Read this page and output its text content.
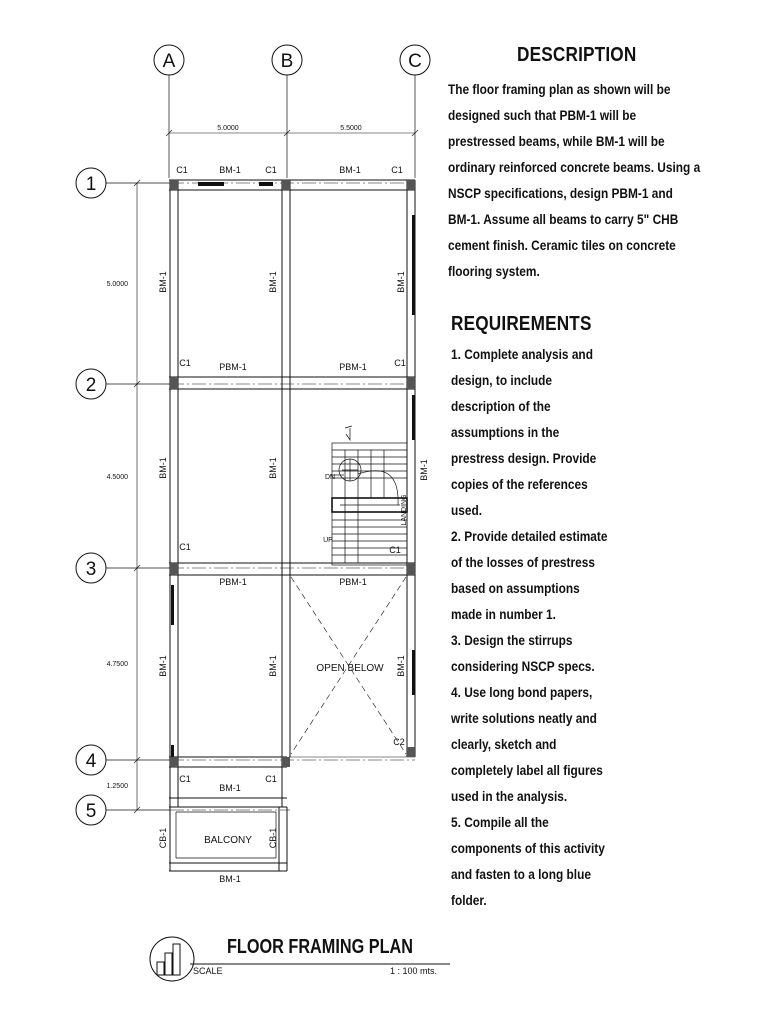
A	B	C
1
2
3
4
5
5.0000	5.5000
5.0000
4.5000
4.7500
1.2500
C1	BM-1	C1	BM-1	C1
C1	PBM-1	PBM-1	C1
C1	C1
PBM-1	PBM-1
C2
C1	C1
BM-1
BM-1
OPEN BELOW
BALCONY
UP
DN
BM-1	BM-1	BM-1
BM-1	BM-1	BM-1
BM-1	BM-1	BM-1
CB-1	CB-1
LANDING
FLOOR FRAMING PLAN
SCALE	1 : 100 mts.
DESCRIPTION
The floor framing plan as shown will be
designed such that PBM-1 will be
prestressed beams, while BM-1 will be
ordinary reinforced concrete beams. Using a
NSCP specifications, design PBM-1 and
BM-1. Assume all beams to carry 5" CHB
cement finish. Ceramic tiles on concrete
flooring system.
REQUIREMENTS
1. Complete analysis and
design, to include
description of the
assumptions in the
prestress design. Provide
copies of the references
used.
2. Provide detailed estimate
of the losses of prestress
based on assumptions
made in number 1.
3. Design the stirrups
considering NSCP specs.
4. Use long bond papers,
write solutions neatly and
clearly, sketch and
completely label all figures
used in the analysis.
5. Compile all the
components of this activity
and fasten to a long blue
folder.
